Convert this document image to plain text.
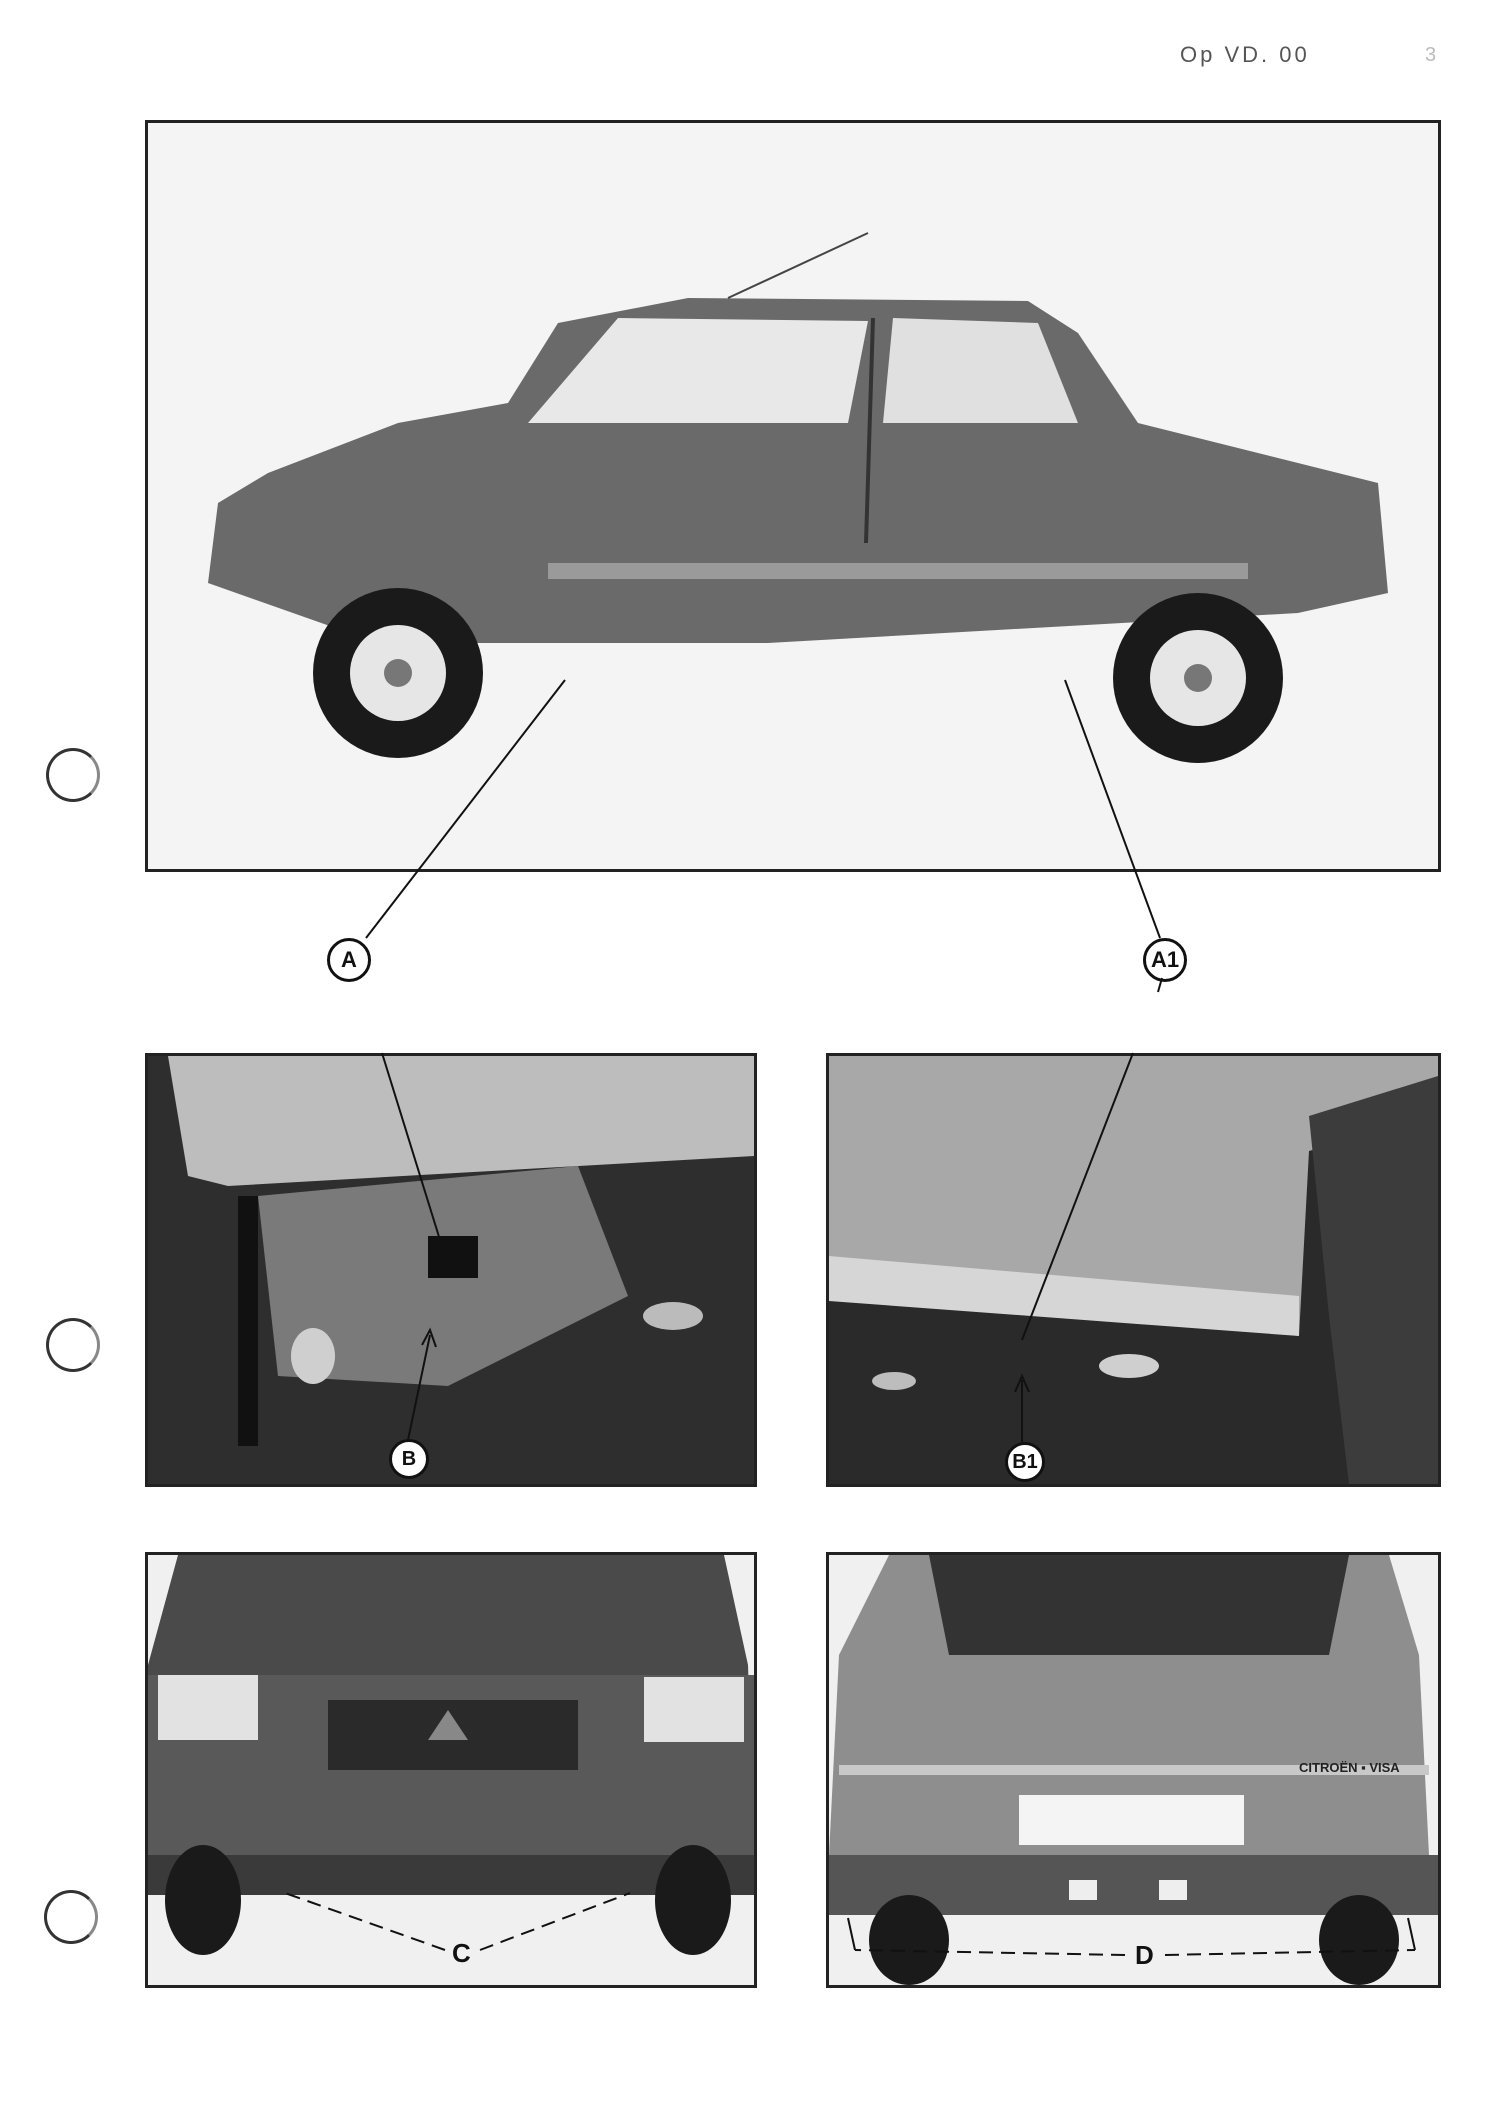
Op VD. 00	3
A	A1
B	B1
C
CITROËN ▪ VISA
D
